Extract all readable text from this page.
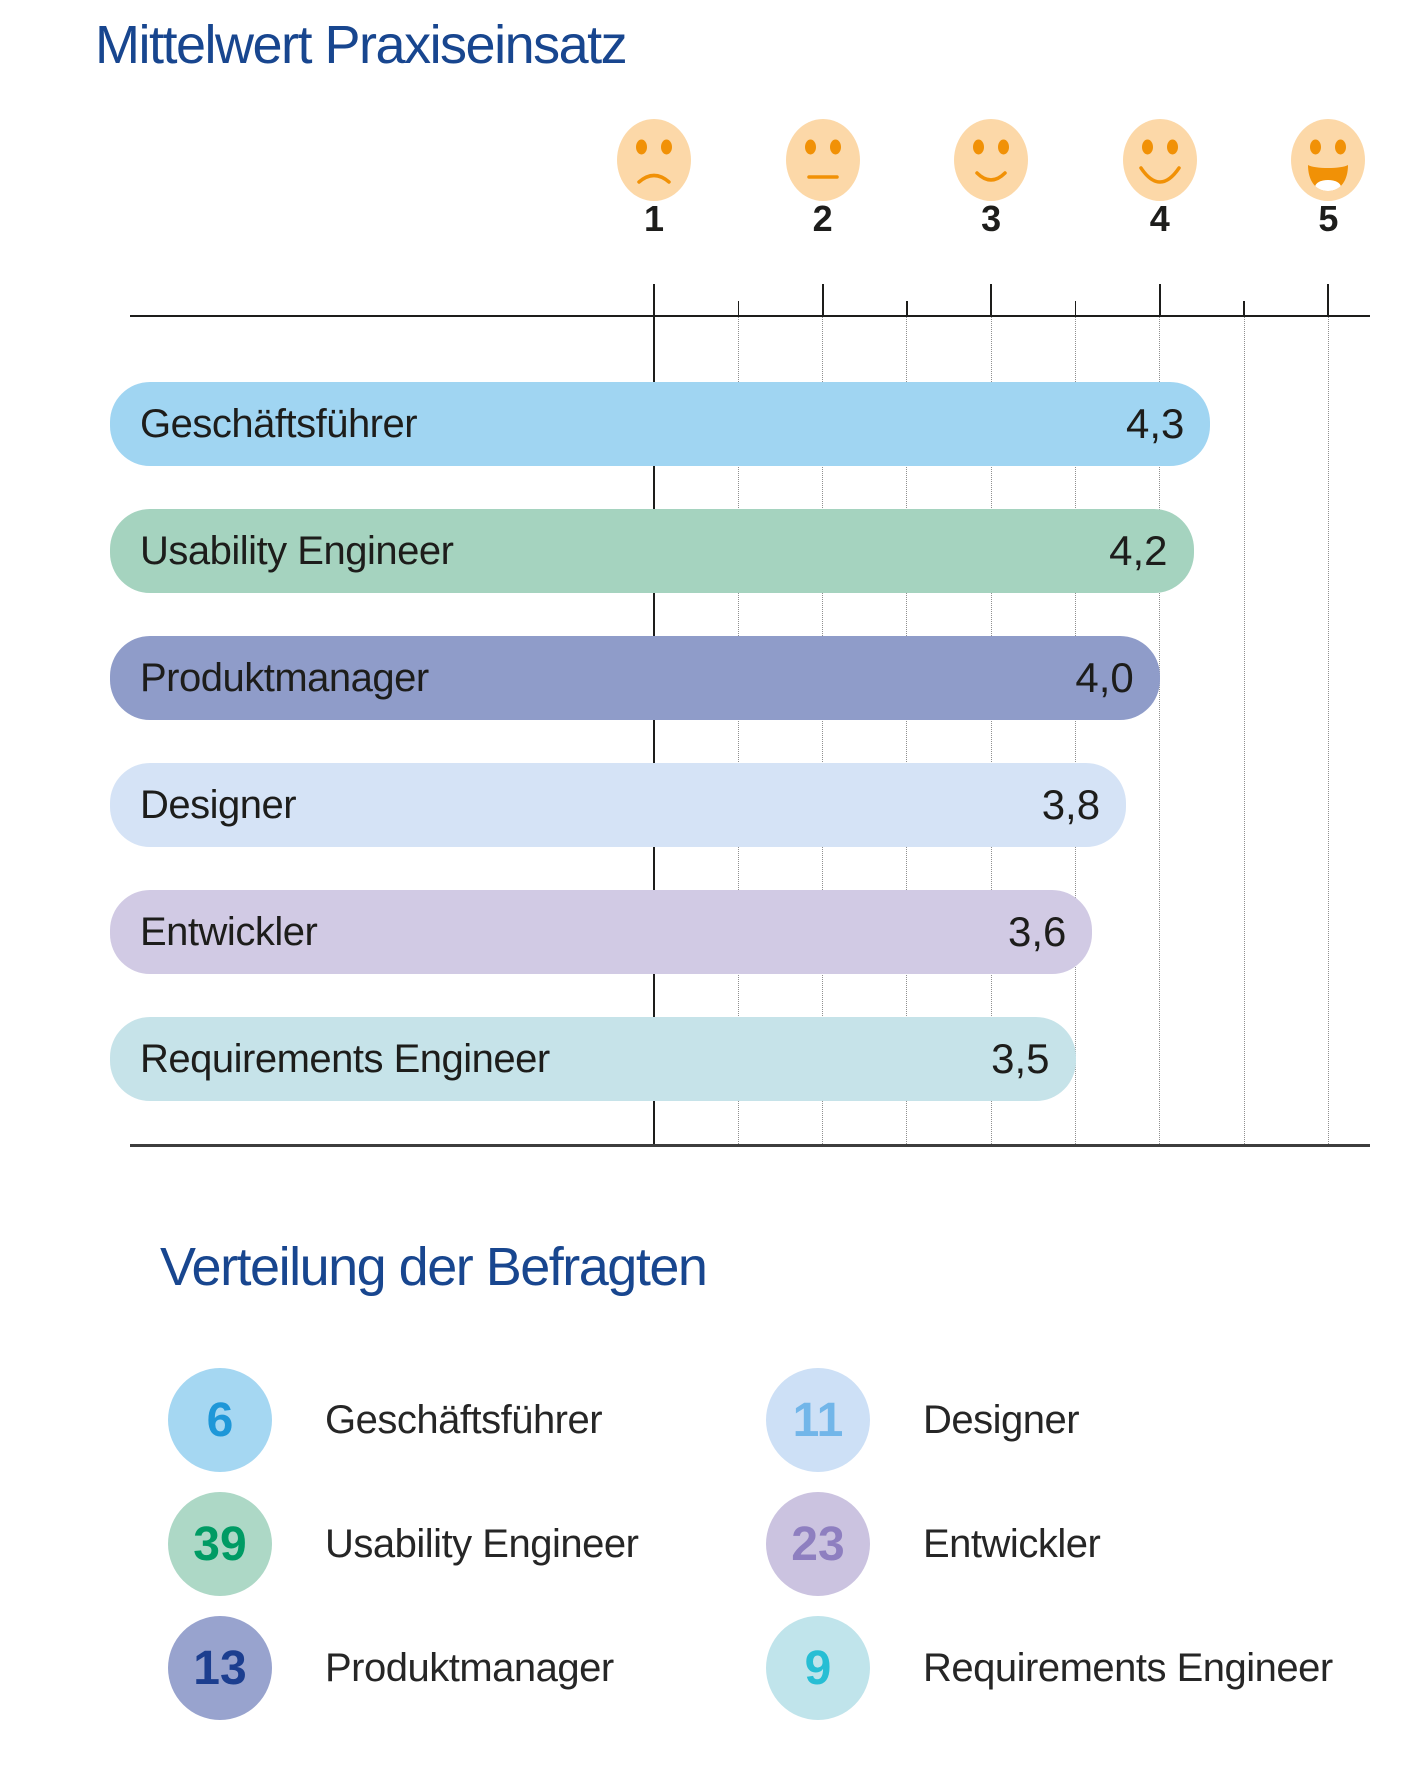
Mittelwert Praxiseinsatz
1	2	3	4	5
Geschäftsführer	4,3
Usability Engineer	4,2
Produktmanager	4,0
Designer	3,8
Entwickler	3,6
Requirements Engineer	3,5
Verteilung der Befragten
6	Geschäftsführer
39	Usability Engineer
13	Produktmanager
11	Designer
23	Entwickler
9	Requirements Engineer
